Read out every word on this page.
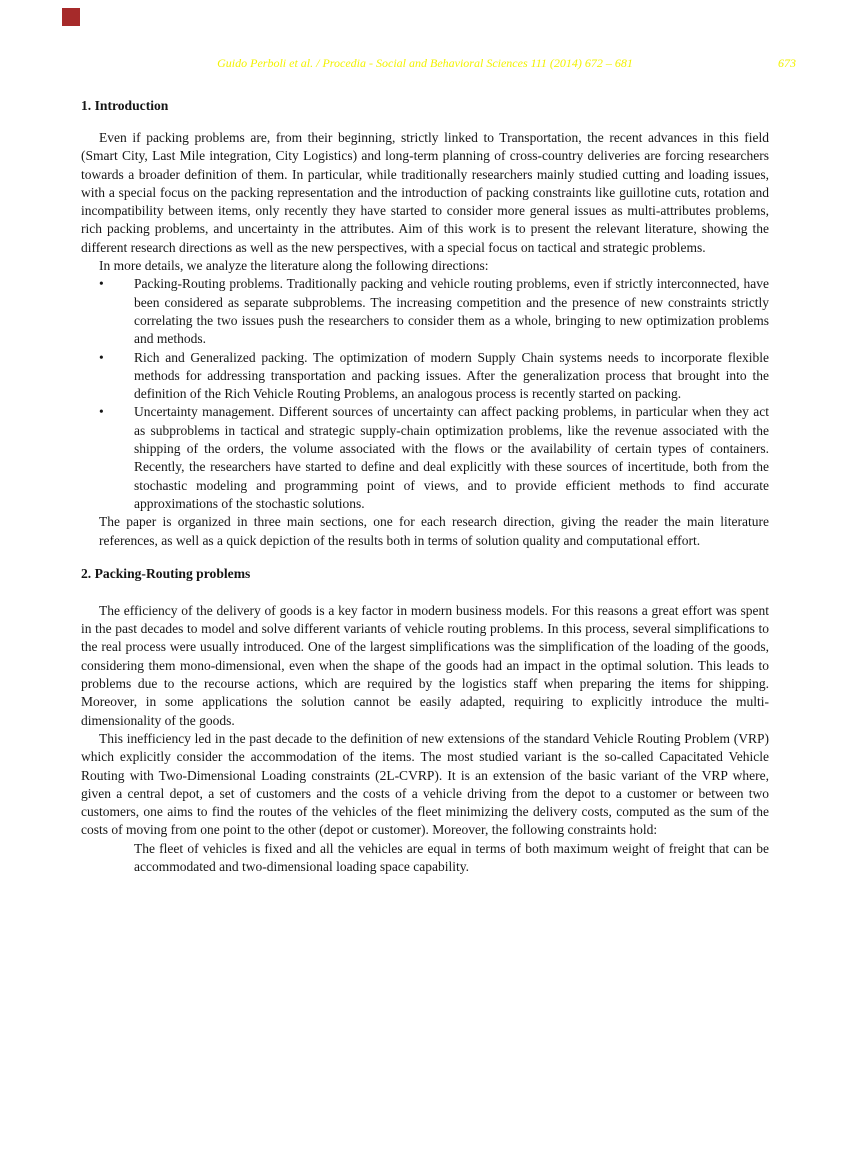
Guido Perboli et al. / Procedia - Social and Behavioral Sciences 111 (2014) 672 – 681	673

1. Introduction

Even if packing problems are, from their beginning, strictly linked to Transportation, the recent advances in this field (Smart City, Last Mile integration, City Logistics) and long-term planning of cross-country deliveries are forcing researchers towards a broader definition of them. In particular, while traditionally researchers mainly studied cutting and loading issues, with a special focus on the packing representation and the introduction of packing constraints like guillotine cuts, rotation and incompatibility between items, only recently they have started to consider more general issues as multi-attributes problems, rich packing problems, and uncertainty in the attributes. Aim of this work is to present the relevant literature, showing the different research directions as well as the new perspectives, with a special focus on tactical and strategic problems.

In more details, we analyze the literature along the following directions:

• Packing-Routing problems. Traditionally packing and vehicle routing problems, even if strictly interconnected, have been considered as separate subproblems. The increasing competition and the presence of new constraints strictly correlating the two issues push the researchers to consider them as a whole, bringing to new optimization problems and methods.
• Rich and Generalized packing. The optimization of modern Supply Chain systems needs to incorporate flexible methods for addressing transportation and packing issues. After the generalization process that brought into the definition of the Rich Vehicle Routing Problems, an analogous process is recently started on packing.
• Uncertainty management. Different sources of uncertainty can affect packing problems, in particular when they act as subproblems in tactical and strategic supply-chain optimization problems, like the revenue associated with the shipping of the orders, the volume associated with the flows or the availability of certain types of containers. Recently, the researchers have started to define and deal explicitly with these sources of incertitude, both from the stochastic modeling and programming point of views, and to provide efficient methods to find accurate approximations of the stochastic solutions.

The paper is organized in three main sections, one for each research direction, giving the reader the main literature references, as well as a quick depiction of the results both in terms of solution quality and computational effort.

2. Packing-Routing problems

The efficiency of the delivery of goods is a key factor in modern business models. For this reasons a great effort was spent in the past decades to model and solve different variants of vehicle routing problems. In this process, several simplifications to the real process were usually introduced. One of the largest simplifications was the simplification of the loading of the goods, considering them mono-dimensional, even when the shape of the goods had an impact in the optimal solution. This leads to problems due to the recourse actions, which are required by the logistics staff when preparing the items for shipping. Moreover, in some applications the solution cannot be easily adapted, requiring to explicitly introduce the multi-dimensionality of the goods.

This inefficiency led in the past decade to the definition of new extensions of the standard Vehicle Routing Problem (VRP) which explicitly consider the accommodation of the items. The most studied variant is the so-called Capacitated Vehicle Routing with Two-Dimensional Loading constraints (2L-CVRP). It is an extension of the basic variant of the VRP where, given a central depot, a set of customers and the costs of a vehicle driving from the depot to a customer or between two customers, one aims to find the routes of the vehicles of the fleet minimizing the delivery costs, computed as the sum of the costs of moving from one point to the other (depot or customer). Moreover, the following constraints hold:

The fleet of vehicles is fixed and all the vehicles are equal in terms of both maximum weight of freight that can be accommodated and two-dimensional loading space capability.
